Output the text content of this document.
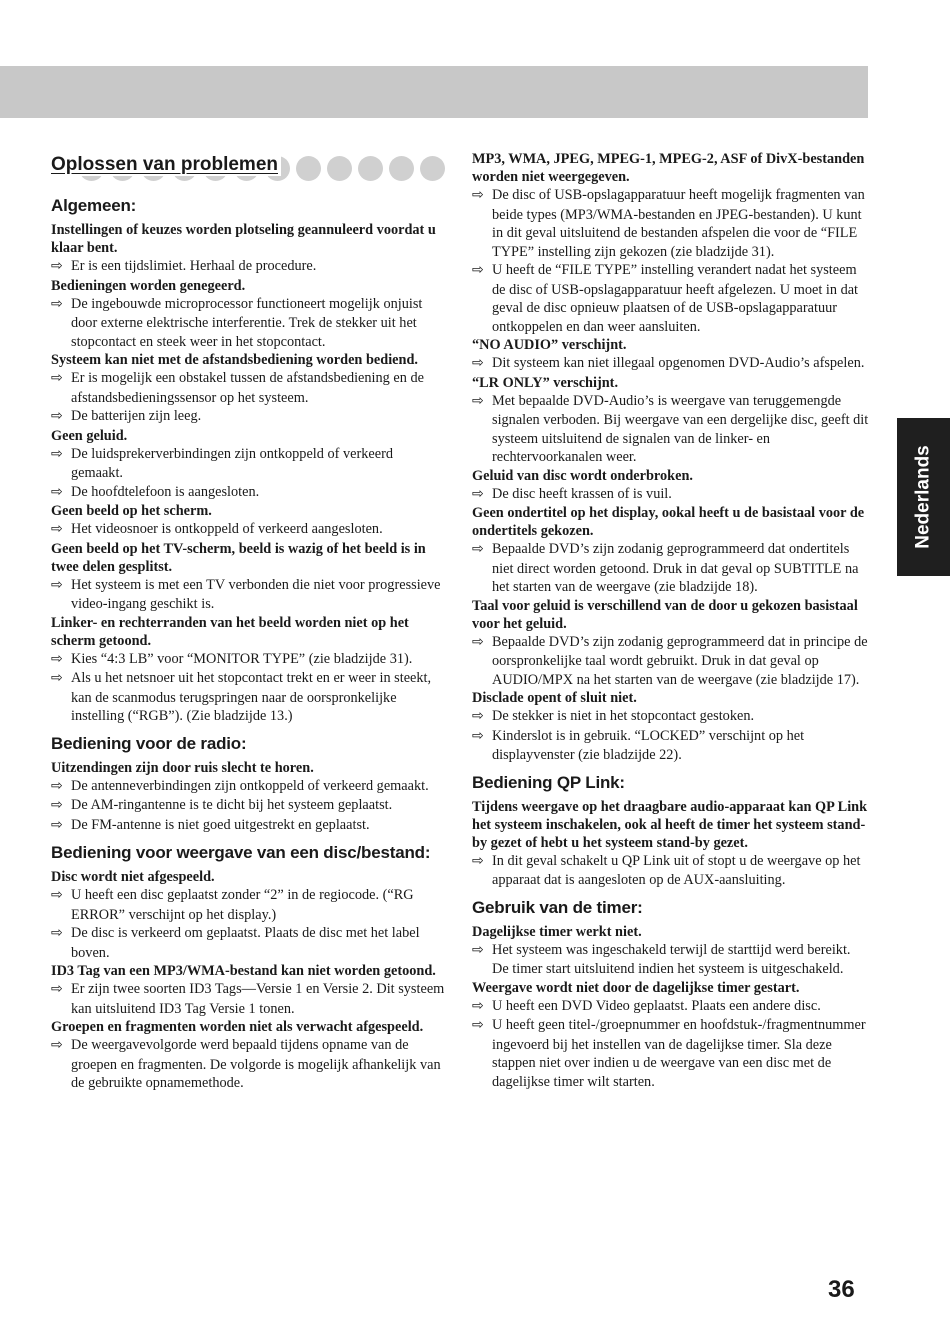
Nederlands
Oplossen van problemen
Algemeen:

Instellingen of keuzes worden plotseling geannuleerd voordat u klaar bent.

⇨ Er is een tijdslimiet. Herhaal de procedure.

Bedieningen worden genegeerd.

⇨ De ingebouwde microprocessor functioneert mogelijk onjuist door externe elektrische interferentie. Trek de stekker uit het stopcontact en steek weer in het stopcontact.

Systeem kan niet met de afstandsbediening worden bediend.

⇨ Er is mogelijk een obstakel tussen de afstandsbediening en de afstandsbedieningssensor op het systeem.

⇨ De batterijen zijn leeg.

Geen geluid.

⇨ De luidsprekerverbindingen zijn ontkoppeld of verkeerd gemaakt.

⇨ De hoofdtelefoon is aangesloten.

Geen beeld op het scherm.

⇨ Het videosnoer is ontkoppeld of verkeerd aangesloten.

Geen beeld op het TV-scherm, beeld is wazig of het beeld is in twee delen gesplitst.

⇨ Het systeem is met een TV verbonden die niet voor progressieve video-ingang geschikt is.

Linker- en rechterranden van het beeld worden niet op het scherm getoond.

⇨ Kies “4:3 LB” voor “MONITOR TYPE” (zie bladzijde 31).

⇨ Als u het netsnoer uit het stopcontact trekt en er weer in steekt, kan de scanmodus terugspringen naar de oorspronkelijke instelling (“RGB”). (Zie bladzijde 13.)

Bediening voor de radio:

Uitzendingen zijn door ruis slecht te horen.

⇨ De antenneverbindingen zijn ontkoppeld of verkeerd gemaakt.

⇨ De AM-ringantenne is te dicht bij het systeem geplaatst.

⇨ De FM-antenne is niet goed uitgestrekt en geplaatst.

Bediening voor weergave van een disc/bestand:

Disc wordt niet afgespeeld.

⇨ U heeft een disc geplaatst zonder “2” in de regiocode. (“RG ERROR” verschijnt op het display.)

⇨ De disc is verkeerd om geplaatst. Plaats de disc met het label boven.

ID3 Tag van een MP3/WMA-bestand kan niet worden getoond.

⇨ Er zijn twee soorten ID3 Tags—Versie 1 en Versie 2. Dit systeem kan uitsluitend ID3 Tag Versie 1 tonen.

Groepen en fragmenten worden niet als verwacht afgespeeld.

⇨ De weergavevolgorde werd bepaald tijdens opname van de groepen en fragmenten. De volgorde is mogelijk afhankelijk van de gebruikte opnamemethode.

MP3, WMA, JPEG, MPEG-1, MPEG-2, ASF of DivX-bestanden worden niet weergegeven.

⇨ De disc of USB-opslagapparatuur heeft mogelijk fragmenten van beide types (MP3/WMA-bestanden en JPEG-bestanden). U kunt in dit geval uitsluitend de bestanden afspelen die voor de “FILE TYPE” instelling zijn gekozen (zie bladzijde 31).

⇨ U heeft de “FILE TYPE” instelling verandert nadat het systeem de disc of USB-opslagapparatuur heeft afgelezen. U moet in dat geval de disc opnieuw plaatsen of de USB-opslagapparatuur ontkoppelen en dan weer aansluiten.

“NO AUDIO” verschijnt.

⇨ Dit systeem kan niet illegaal opgenomen DVD-Audio’s afspelen.

“LR ONLY” verschijnt.

⇨ Met bepaalde DVD-Audio’s is weergave van teruggemengde signalen verboden. Bij weergave van een dergelijke disc, geeft dit systeem uitsluitend de signalen van de linker- en rechtervoorkanalen weer.

Geluid van disc wordt onderbroken.

⇨ De disc heeft krassen of is vuil.

Geen ondertitel op het display, ookal heeft u de basistaal voor de ondertitels gekozen.

⇨ Bepaalde DVD’s zijn zodanig geprogrammeerd dat ondertitels niet direct worden getoond. Druk in dat geval op SUBTITLE na het starten van de weergave (zie bladzijde 18).

Taal voor geluid is verschillend van de door u gekozen basistaal voor het geluid.

⇨ Bepaalde DVD’s zijn zodanig geprogrammeerd dat in principe de oorspronkelijke taal wordt gebruikt. Druk in dat geval op AUDIO/MPX na het starten van de weergave (zie bladzijde 17).

Disclade opent of sluit niet.

⇨ De stekker is niet in het stopcontact gestoken.

⇨ Kinderslot is in gebruik. “LOCKED” verschijnt op het displayvenster (zie bladzijde 22).

Bediening QP Link:

Tijdens weergave op het draagbare audio-apparaat kan QP Link het systeem inschakelen, ook al heeft de timer het systeem stand-by gezet of hebt u het systeem stand-by gezet.

⇨ In dit geval schakelt u QP Link uit of stopt u de weergave op het apparaat dat is aangesloten op de AUX-aansluiting.

Gebruik van de timer:

Dagelijkse timer werkt niet.

⇨ Het systeem was ingeschakeld terwijl de starttijd werd bereikt. De timer start uitsluitend indien het systeem is uitgeschakeld.

Weergave wordt niet door de dagelijkse timer gestart.

⇨ U heeft een DVD Video geplaatst. Plaats een andere disc.

⇨ U heeft geen titel-/groepnummer en hoofdstuk-/fragmentnummer ingevoerd bij het instellen van de dagelijkse timer. Sla deze stappen niet over indien u de weergave van een disc met de dagelijkse timer wilt starten.

36
